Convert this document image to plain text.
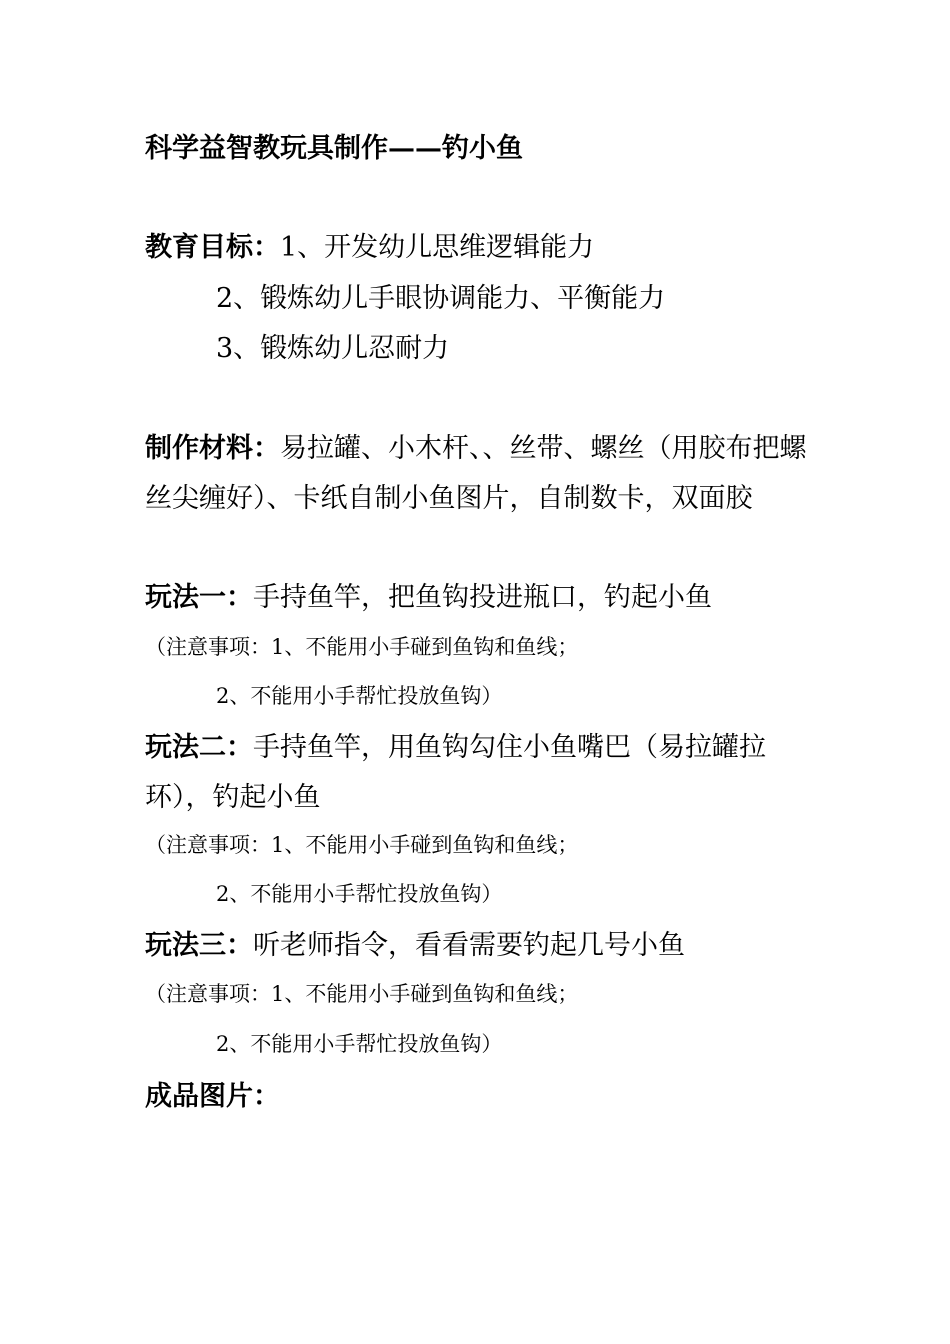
科学益智教玩具制作——钓小鱼
教育目标：1、开发幼儿思维逻辑能力
2、锻炼幼儿手眼协调能力、平衡能力
3、锻炼幼儿忍耐力
制作材料：易拉罐、小木杆、、丝带、螺丝（用胶布把螺
丝尖缠好）、卡纸自制小鱼图片，自制数卡，双面胶
玩法一：手持鱼竿，把鱼钩投进瓶口，钓起小鱼
（注意事项：1、不能用小手碰到鱼钩和鱼线；
2、不能用小手帮忙投放鱼钩）
玩法二：手持鱼竿，用鱼钩勾住小鱼嘴巴（易拉罐拉
环），钓起小鱼
（注意事项：1、不能用小手碰到鱼钩和鱼线；
2、不能用小手帮忙投放鱼钩）
玩法三：听老师指令，看看需要钓起几号小鱼
（注意事项：1、不能用小手碰到鱼钩和鱼线；
2、不能用小手帮忙投放鱼钩）
成品图片：
